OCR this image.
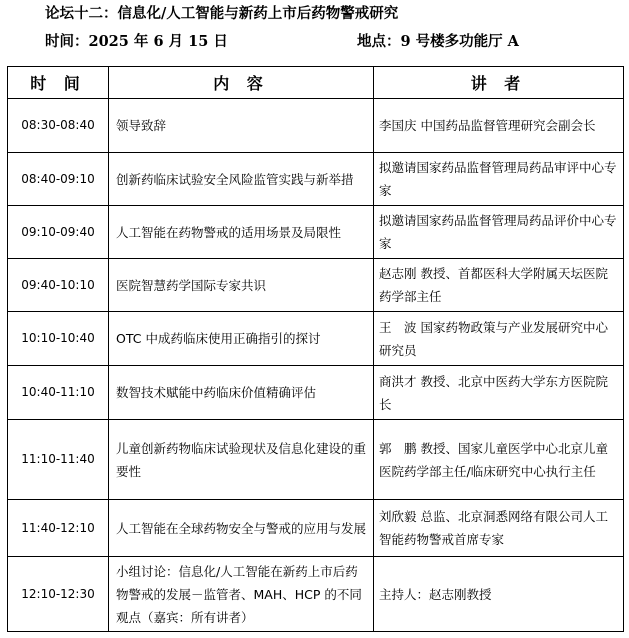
论坛十二：信息化/人工智能与新药上市后药物警戒研究
时间：2025 年 6 月 15 日	地点：9 号楼多功能厅 A
时 间	内 容	讲 者
08:30-08:40	领导致辞	李国庆 中国药品监督管理研究会副会长
08:40-09:10	创新药临床试验安全风险监管实践与新举措	拟邀请国家药品监督管理局药品审评中心专家
09:10-09:40	人工智能在药物警戒的适用场景及局限性	拟邀请国家药品监督管理局药品评价中心专家
09:40-10:10	医院智慧药学国际专家共识	赵志刚 教授、首都医科大学附属天坛医院药学部主任
10:10-10:40	OTC 中成药临床使用正确指引的探讨	王　波 国家药物政策与产业发展研究中心研究员
10:40-11:10	数智技术赋能中药临床价值精确评估	商洪才 教授、北京中医药大学东方医院院长
11:10-11:40	儿童创新药物临床试验现状及信息化建设的重要性	郭　鹏 教授、国家儿童医学中心北京儿童医院药学部主任/临床研究中心执行主任
11:40-12:10	人工智能在全球药物安全与警戒的应用与发展	刘欣毅 总监、北京洞悉网络有限公司人工智能药物警戒首席专家
12:10-12:30	小组讨论：信息化/人工智能在新药上市后药物警戒的发展－监管者、MAH、HCP 的不同观点（嘉宾：所有讲者）	主持人：赵志刚教授
